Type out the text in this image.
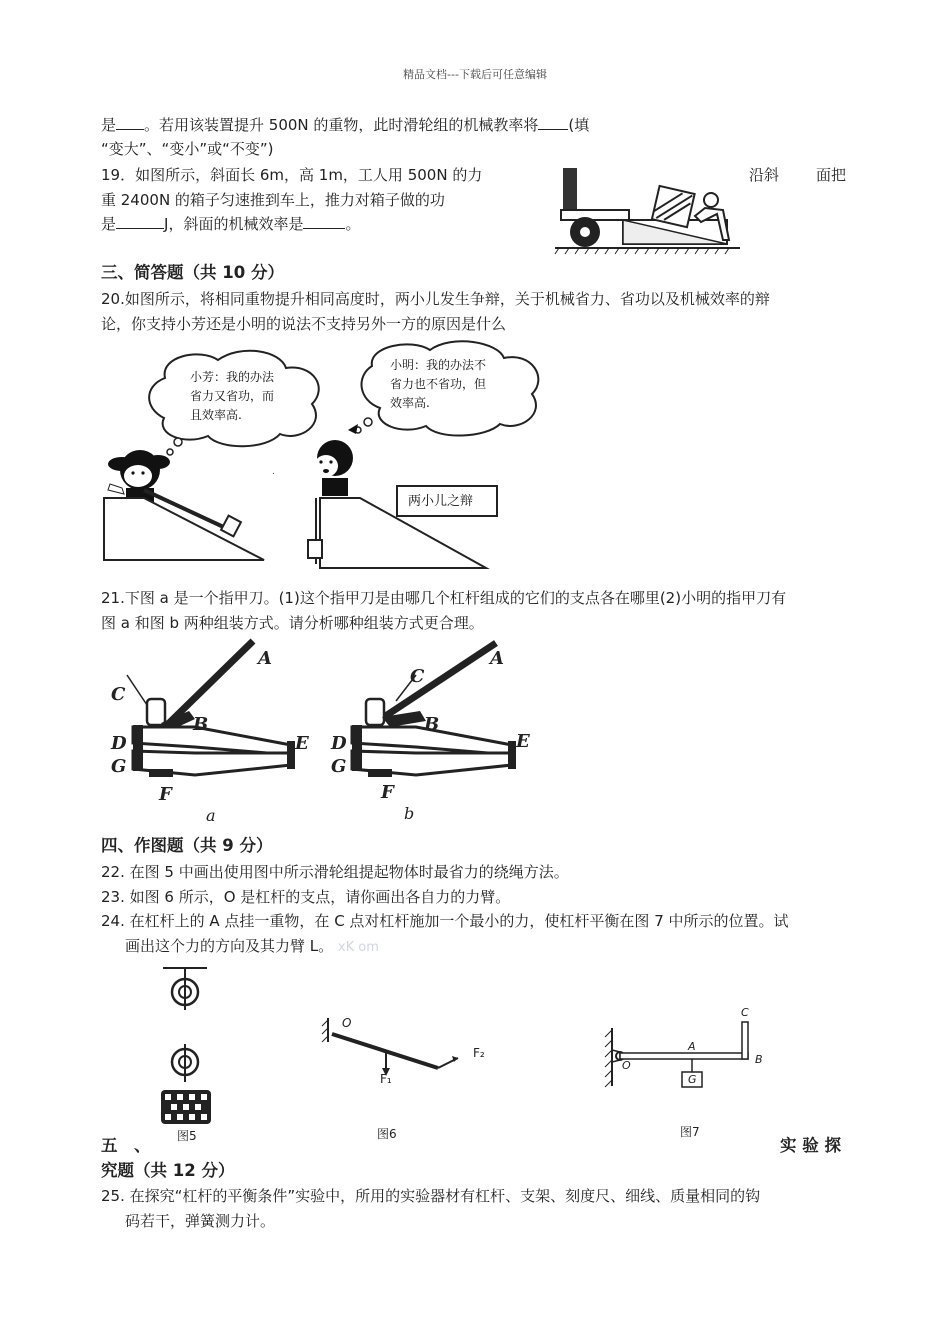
精品文档---下载后可任意编辑
是 。若用该装置提升 500N 的重物，此时滑轮组的机械教率将 (填
“变大”、“变小”或“不变”)
19．如图所示，斜面长 6m，高 1m，工人用 500N 的力	沿斜 面把
重 2400N 的箱子匀速推到车上，推力对箱子做的功
是	J，斜面的机械效率是	。
三、简答题（共 10 分）
20.如图所示，将相同重物提升相同高度时，两小儿发生争辩，关于机械省力、省功以及机械效率的辩
论，你支持小芳还是小明的说法不支持另外一方的原因是什么
.
小芳：我的办法
省力又省功，而
且效率高.
小明：我的办法不
省力也不省功，但
效率高.
两小儿之辩
21.下图 a 是一个指甲刀。(1)这个指甲刀是由哪几个杠杆组成的它们的支点各在哪里(2)小明的指甲刀有
图 a 和图 b 两种组装方式。请分析哪种组装方式更合理。
A
C
B
D	E
G
F
a
A
C
B
D	E
G
F
b
四、作图题（共 9 分）
22. 在图 5 中画出使用图中所示滑轮组提起物体时最省力的绕绳方法。
23. 如图 6 所示，O 是杠杆的支点，请你画出各自力的力臂。
24. 在杠杆上的 A 点挂一重物，在 C 点对杠杆施加一个最小的力，使杠杆平衡在图 7 中所示的位置。试
画出这个力的方向及其力臂 L。 xK om
图5
O
F₁
F₂
图6
O
A
B
C
G
图7
五　、	实 验 探
究题（共 12 分）
25. 在探究“杠杆的平衡条件”实验中，所用的实验器材有杠杆、支架、刻度尺、细线、质量相同的钩
码若干，弹簧测力计。
